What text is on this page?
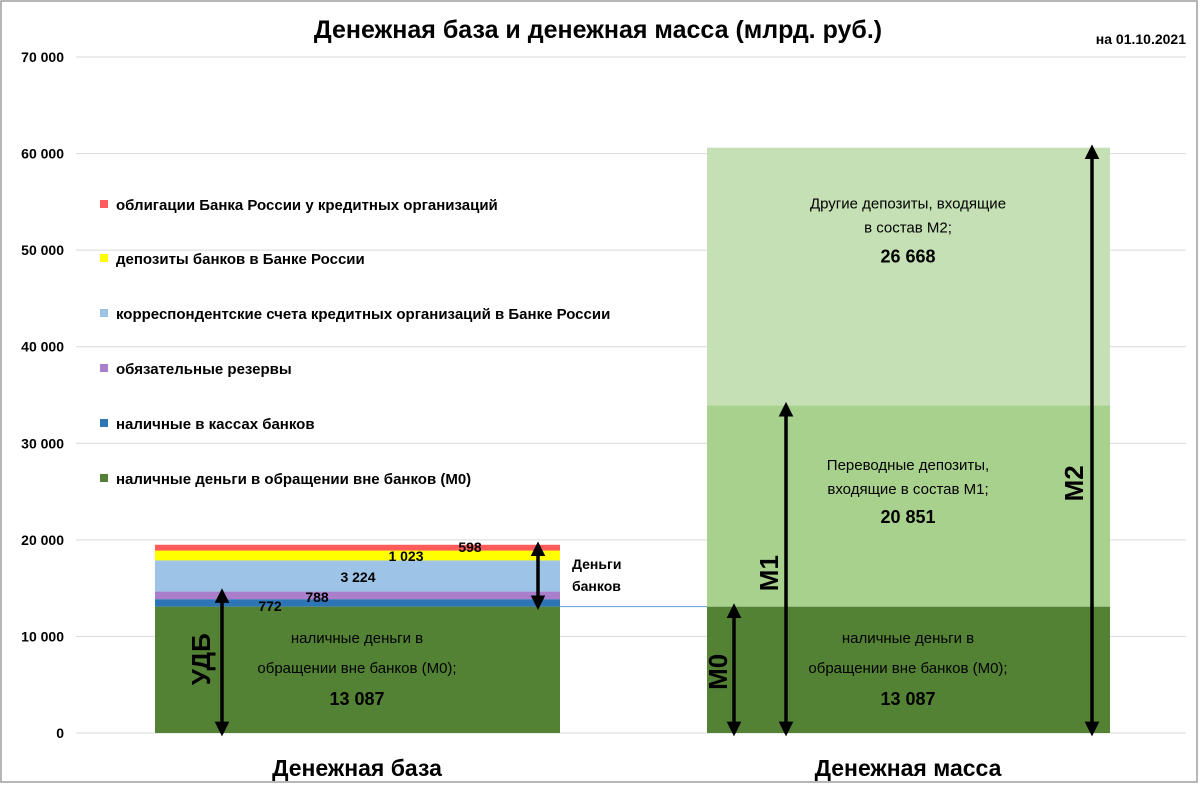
Денежная база и денежная масса (млрд. руб.)	на 01.10.2021
0
10 000
20 000
30 000
40 000
50 000
60 000
70 000
облигации Банка России у кредитных организаций
депозиты банков в Банке России
корреспондентские счета кредитных организаций в Банке России
обязательные резервы
наличные в кассах банков
наличные деньги в обращении вне банков (М0)
наличные деньги в
обращении вне банков (М0);
13 087
наличные деньги в
обращении вне банков (М0);
13 087
Переводные депозиты,
входящие в состав М1;
20 851
Другие депозиты, входящие
в состав М2;
26 668
772
788
3 224
1 023
598
Денежная база	Денежная масса
УДБ
Деньги
банков
М0
М1
М2
